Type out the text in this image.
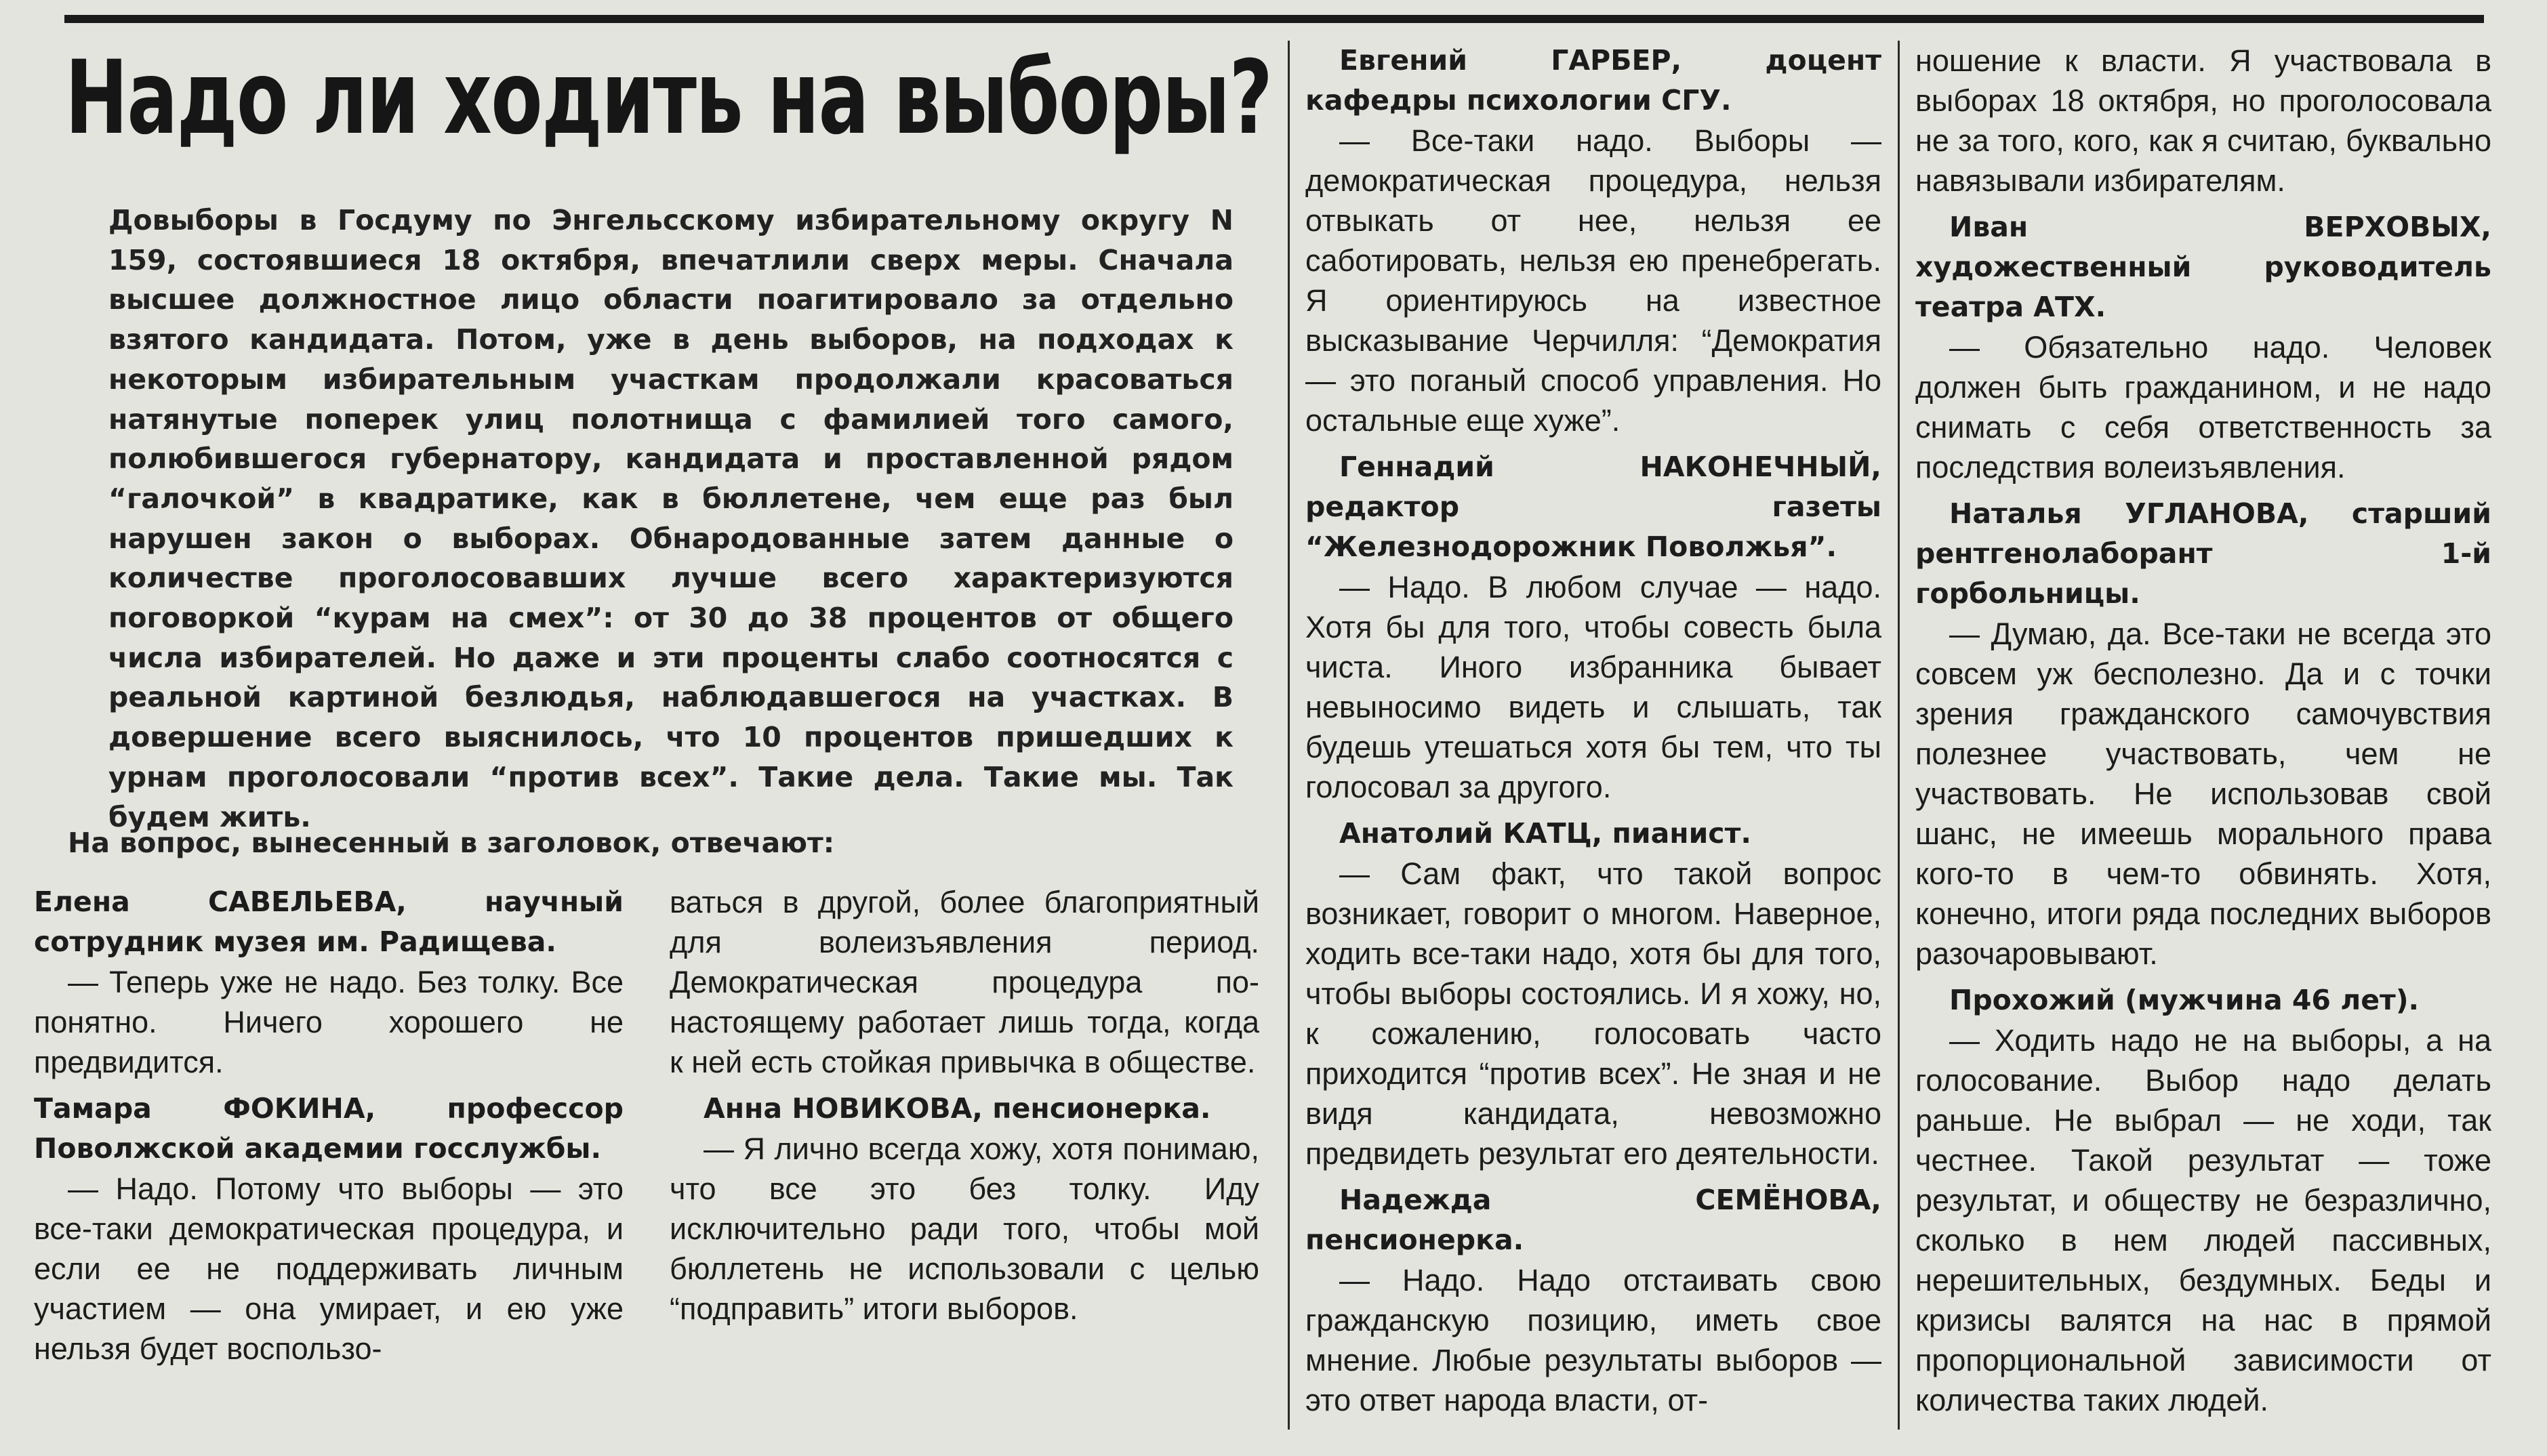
Надо ли ходить на выборы?
Довыборы в Госдуму по Энгельсскому избирательному округу N 159, состоявшиеся 18 октября, впечатлили сверх меры. Сначала высшее должностное лицо области поагитировало за отдельно взятого кандидата. Потом, уже в день выборов, на подходах к некоторым избирательным участкам продолжали красоваться натянутые поперек улиц полотнища с фамилией того самого, полюбившегося губернатору, кандидата и проставленной рядом “галочкой” в квадратике, как в бюллетене, чем еще раз был нарушен закон о выборах. Обнародованные затем данные о количестве проголосовавших лучше всего характеризуются поговоркой “курам на смех”: от 30 до 38 процентов от общего числа избирателей. Но даже и эти проценты слабо соотносятся с реальной картиной безлюдья, наблюдавшегося на участках. В довершение всего выяснилось, что 10 процентов пришедших к урнам проголосовали “против всех”. Такие дела. Такие мы. Так будем жить.
На вопрос, вынесенный в заголовок, отвечают:

Елена САВЕЛЬЕВА, научный сотрудник музея им. Радищева.

— Теперь уже не надо. Без толку. Все понятно. Ничего хорошего не предвидится.

Тамара ФОКИНА, профессор Поволжской академии госслужбы.

— Надо. Потому что выборы — это все-таки демократическая процедура, и если ее не поддерживать личным участием — она умирает, и ею уже нельзя будет воспользо-

ваться в другой, более благоприятный для волеизъявления период. Демократическая процедура по-настоящему работает лишь тогда, когда к ней есть стойкая привычка в обществе.

Анна НОВИКОВА, пенсионерка.

— Я лично всегда хожу, хотя понимаю, что все это без толку. Иду исключительно ради того, чтобы мой бюллетень не использовали с целью “подправить” итоги выборов.

Евгений ГАРБЕР, доцент кафедры психологии СГУ.

— Все-таки надо. Выборы — демократическая процедура, нельзя отвыкать от нее, нельзя ее саботировать, нельзя ею пренебрегать. Я ориентируюсь на известное высказывание Черчилля: “Демократия — это поганый способ управления. Но остальные еще хуже”.

Геннадий НАКОНЕЧНЫЙ, редактор газеты “Железнодорожник Поволжья”.

— Надо. В любом случае — надо. Хотя бы для того, чтобы совесть была чиста. Иного избранника бывает невыносимо видеть и слышать, так будешь утешаться хотя бы тем, что ты голосовал за другого.

Анатолий КАТЦ, пианист.

— Сам факт, что такой вопрос возникает, говорит о многом. Наверное, ходить все-таки надо, хотя бы для того, чтобы выборы состоялись. И я хожу, но, к сожалению, голосовать часто приходится “против всех”. Не зная и не видя кандидата, невозможно предвидеть результат его деятельности.

Надежда СЕМЁНОВА, пенсионерка.

— Надо. Надо отстаивать свою гражданскую позицию, иметь свое мнение. Любые результаты выборов — это ответ народа власти, от-

ношение к власти. Я участвовала в выборах 18 октября, но проголосовала не за того, кого, как я считаю, буквально навязывали избирателям.

Иван ВЕРХОВЫХ, художественный руководитель театра АТХ.

— Обязательно надо. Человек должен быть гражданином, и не надо снимать с себя ответственность за последствия волеизъявления.

Наталья УГЛАНОВА, старший рентгенолаборант 1-й горбольницы.

— Думаю, да. Все-таки не всегда это совсем уж бесполезно. Да и с точки зрения гражданского самочувствия полезнее участвовать, чем не участвовать. Не использовав свой шанс, не имеешь морального права кого-то в чем-то обвинять. Хотя, конечно, итоги ряда последних выборов разочаровывают.

Прохожий (мужчина 46 лет).

— Ходить надо не на выборы, а на голосование. Выбор надо делать раньше. Не выбрал — не ходи, так честнее. Такой результат — тоже результат, и обществу не безразлично, сколько в нем людей пассивных, нерешительных, бездумных. Беды и кризисы валятся на нас в прямой пропорциональной зависимости от количества таких людей.
